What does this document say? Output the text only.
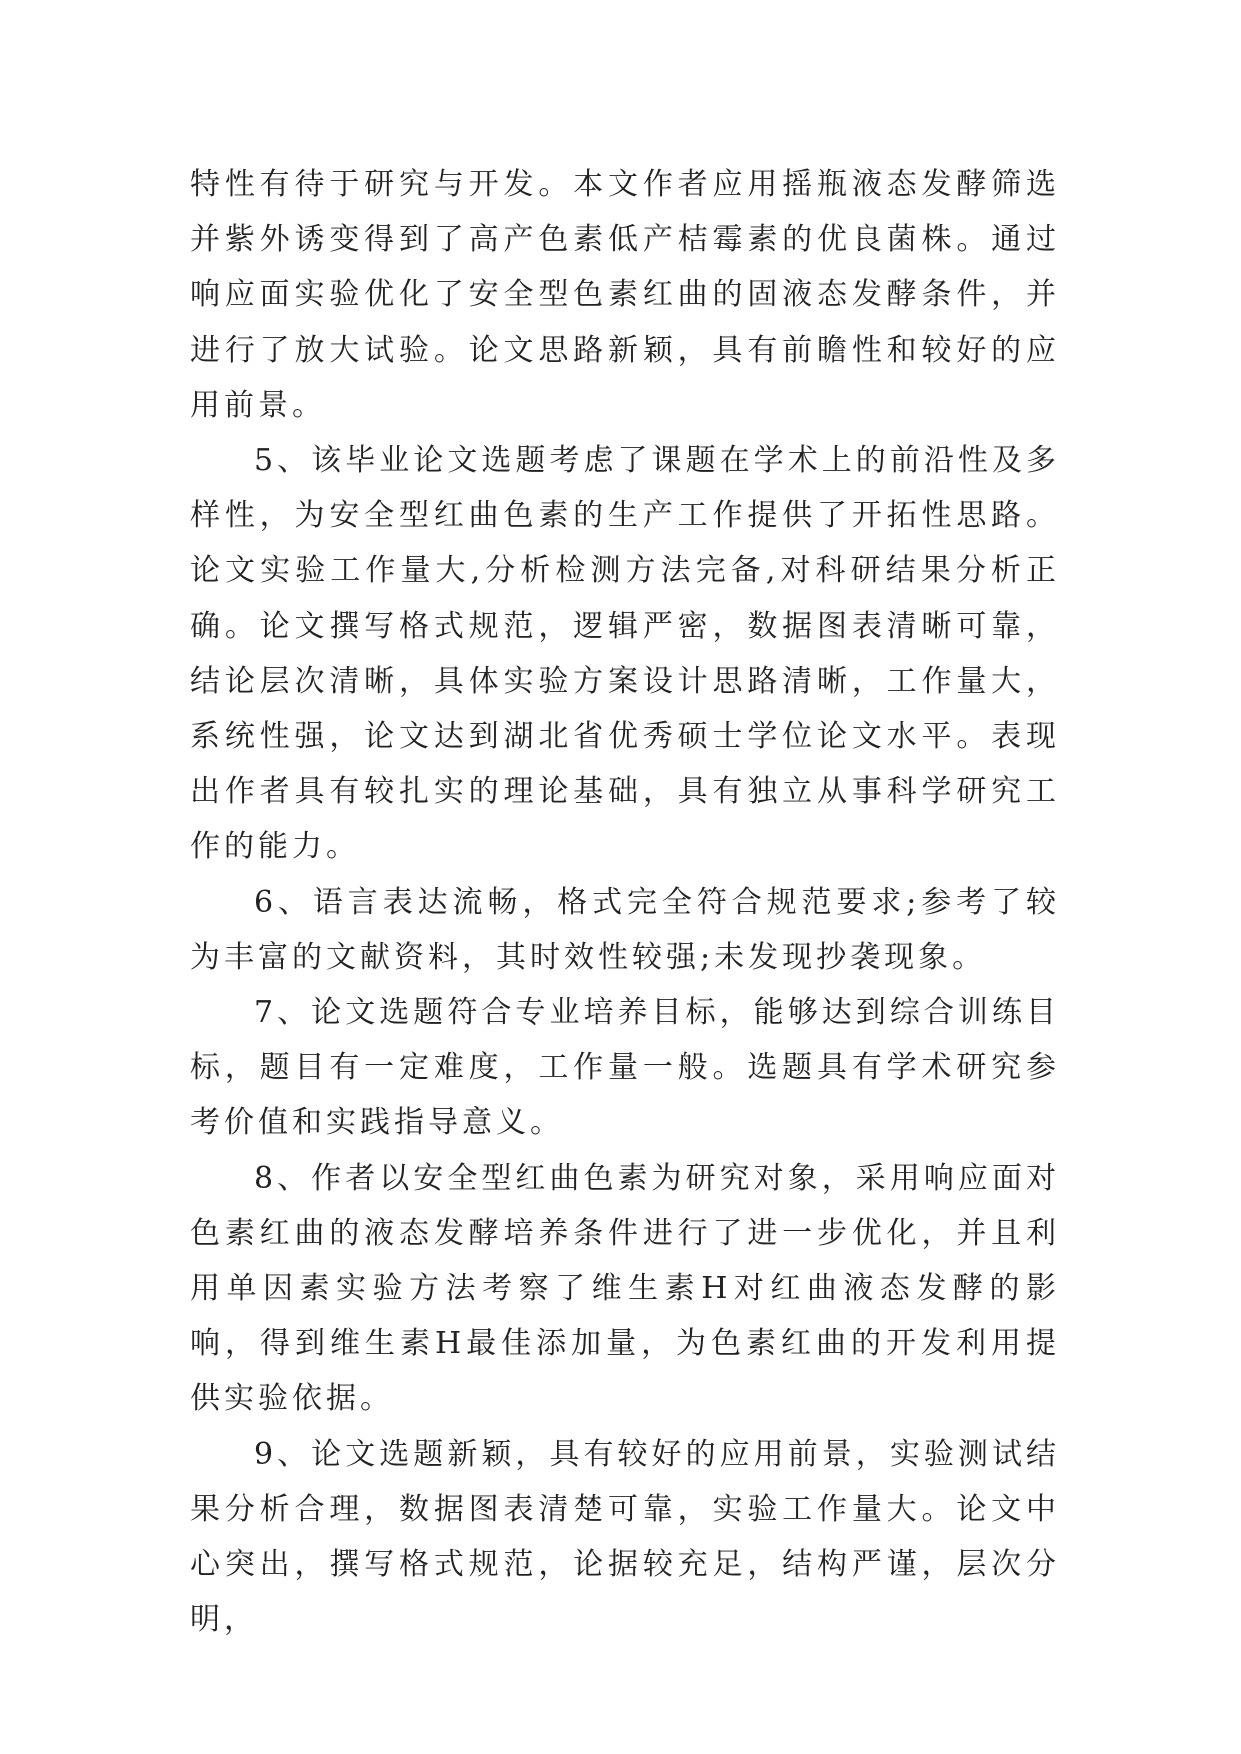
特性有待于研究与开发。本文作者应用摇瓶液态发酵筛选并紫外诱变得到了高产色素低产桔霉素的优良菌株。通过响应面实验优化了安全型色素红曲的固液态发酵条件，并进行了放大试验。论文思路新颖，具有前瞻性和较好的应用前景。

5、该毕业论文选题考虑了课题在学术上的前沿性及多样性，为安全型红曲色素的生产工作提供了开拓性思路。论文实验工作量大,分析检测方法完备,对科研结果分析正确。论文撰写格式规范，逻辑严密，数据图表清晰可靠，结论层次清晰，具体实验方案设计思路清晰，工作量大，系统性强，论文达到湖北省优秀硕士学位论文水平。表现出作者具有较扎实的理论基础，具有独立从事科学研究工作的能力。

6、语言表达流畅，格式完全符合规范要求;参考了较为丰富的文献资料，其时效性较强;未发现抄袭现象。

7、论文选题符合专业培养目标，能够达到综合训练目标，题目有一定难度，工作量一般。选题具有学术研究参考价值和实践指导意义。

8、作者以安全型红曲色素为研究对象，采用响应面对色素红曲的液态发酵培养条件进行了进一步优化，并且利用单因素实验方法考察了维生素H对红曲液态发酵的影响，得到维生素H最佳添加量，为色素红曲的开发利用提供实验依据。

9、论文选题新颖，具有较好的应用前景，实验测试结果分析合理，数据图表清楚可靠，实验工作量大。论文中心突出，撰写格式规范，论据较充足，结构严谨，层次分明，
